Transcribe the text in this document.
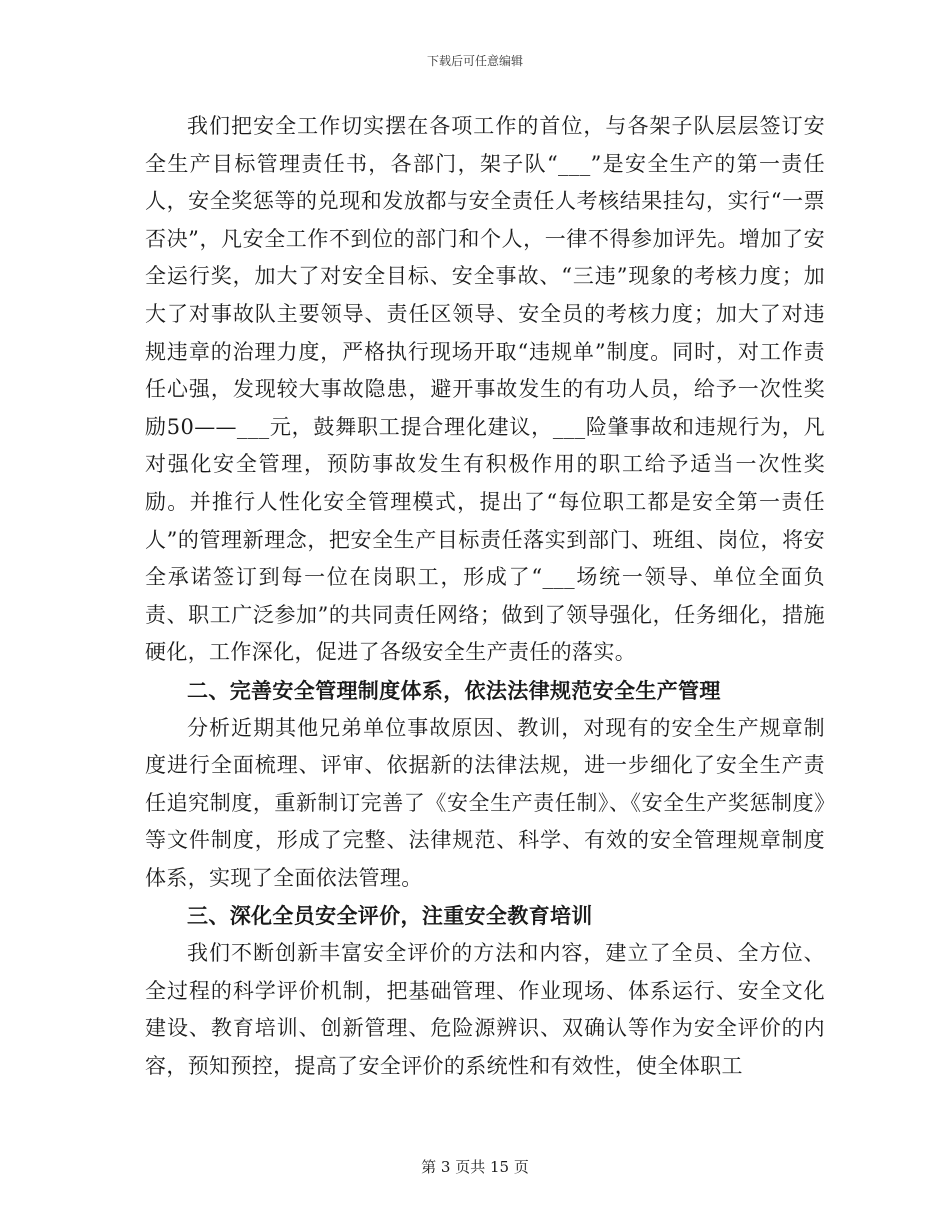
下载后可任意编辑

我们把安全工作切实摆在各项工作的首位，与各架子队层层签订安全生产目标管理责任书，各部门，架子队“___”是安全生产的第一责任人，安全奖惩等的兑现和发放都与安全责任人考核结果挂勾，实行“一票否决”，凡安全工作不到位的部门和个人，一律不得参加评先。增加了安全运行奖，加大了对安全目标、安全事故、“三违”现象的考核力度；加大了对事故队主要领导、责任区领导、安全员的考核力度；加大了对违规违章的治理力度，严格执行现场开取“违规单”制度。同时，对工作责任心强，发现较大事故隐患，避开事故发生的有功人员，给予一次性奖励50——___元，鼓舞职工提合理化建议，___险肇事故和违规行为，凡对强化安全管理，预防事故发生有积极作用的职工给予适当一次性奖励。并推行人性化安全管理模式，提出了“每位职工都是安全第一责任人”的管理新理念，把安全生产目标责任落实到部门、班组、岗位，将安全承诺签订到每一位在岗职工，形成了“___场统一领导、单位全面负责、职工广泛参加”的共同责任网络；做到了领导强化，任务细化，措施硬化，工作深化，促进了各级安全生产责任的落实。

二、完善安全管理制度体系，依法法律规范安全生产管理

分析近期其他兄弟单位事故原因、教训，对现有的安全生产规章制度进行全面梳理、评审、依据新的法律法规，进一步细化了安全生产责任追究制度，重新制订完善了《安全生产责任制》、《安全生产奖惩制度》等文件制度，形成了完整、法律规范、科学、有效的安全管理规章制度体系，实现了全面依法管理。

三、深化全员安全评价，注重安全教育培训

我们不断创新丰富安全评价的方法和内容，建立了全员、全方位、全过程的科学评价机制，把基础管理、作业现场、体系运行、安全文化建设、教育培训、创新管理、危险源辨识、双确认等作为安全评价的内容，预知预控，提高了安全评价的系统性和有效性，使全体职工

第 3 页共 15 页
